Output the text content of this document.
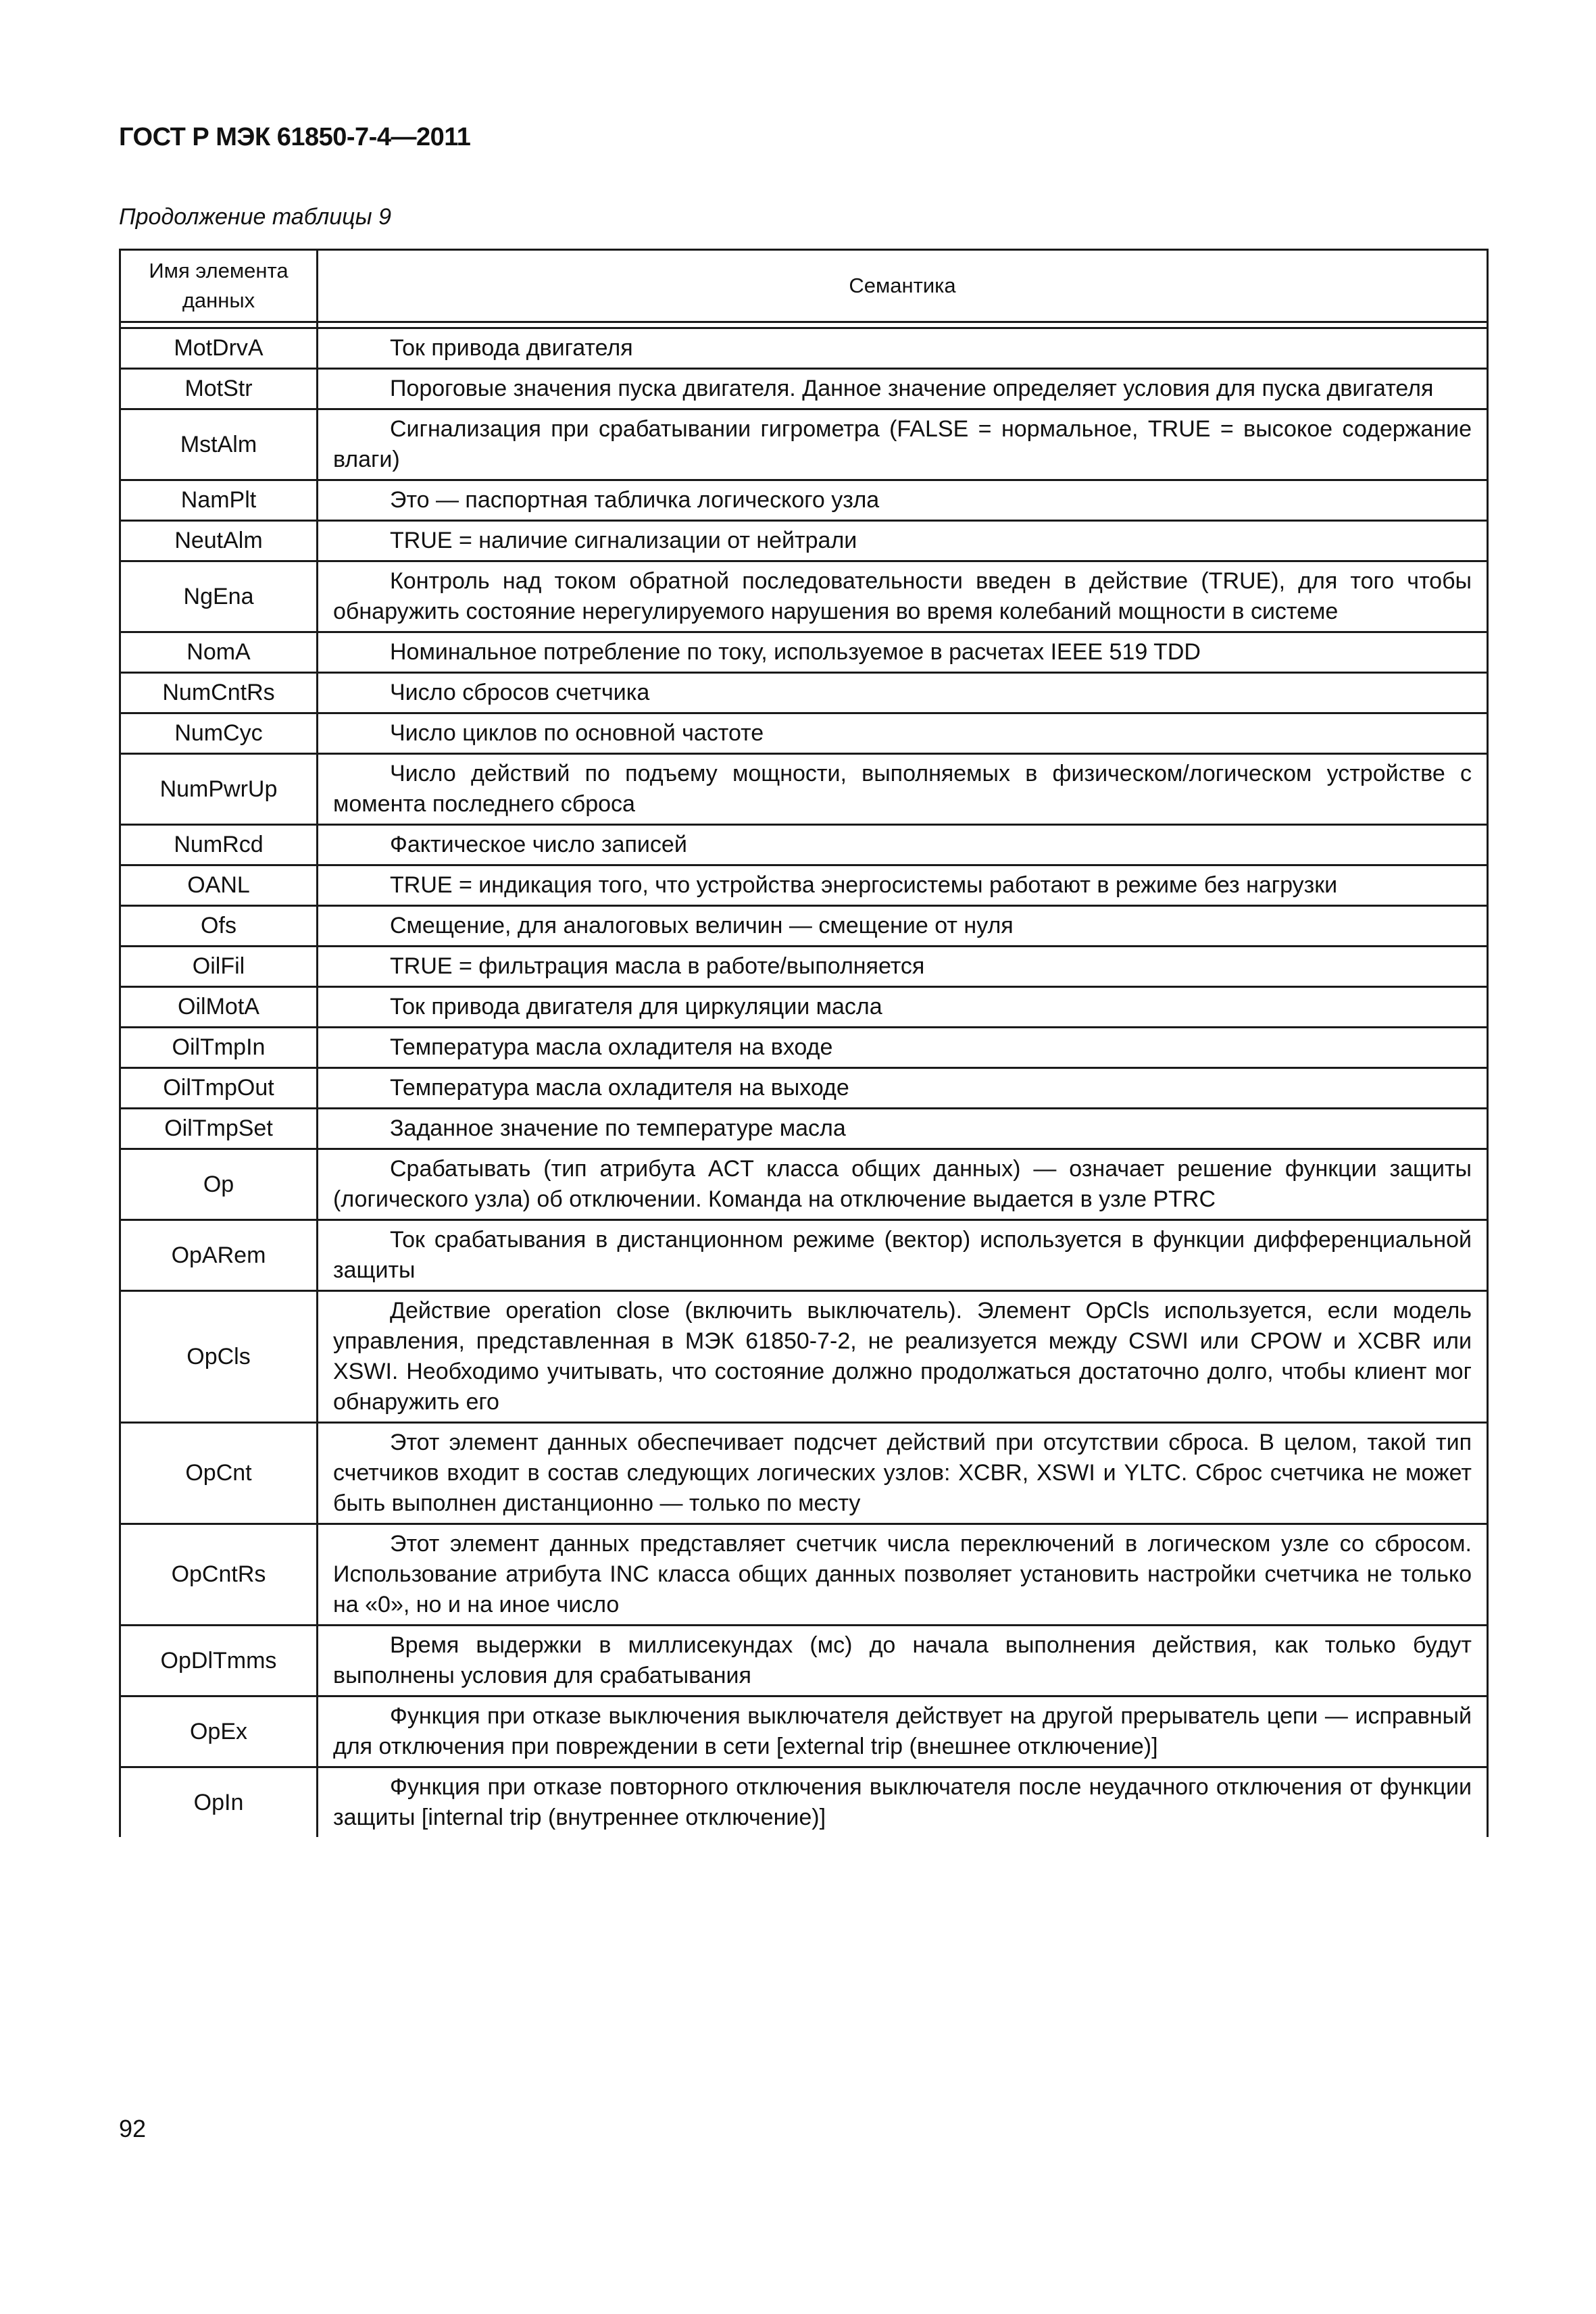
ГОСТ Р МЭК 61850-7-4—2011
Продолжение таблицы 9
Имя элемента данных	Семантика

MotDrvA	Ток привода двигателя

MotStr	Пороговые значения пуска двигателя. Данное значение определяет условия для пуска двигателя

MstAlm	Сигнализация при срабатывании гигрометра (FALSE = нормальное, TRUE = высокое содержание влаги)

NamPlt	Это — паспортная табличка логического узла

NeutAlm	TRUE = наличие сигнализации от нейтрали

NgEna	Контроль над током обратной последовательности введен в действие (TRUE), для того чтобы обнаружить состояние нерегулируемого нарушения во время колебаний мощности в системе

NomA	Номинальное потребление по току, используемое в расчетах IEEE 519 TDD

NumCntRs	Число сбросов счетчика

NumCyc	Число циклов по основной частоте

NumPwrUp	Число действий по подъему мощности, выполняемых в физическом/логическом устройстве с момента последнего сброса

NumRcd	Фактическое число записей

OANL	TRUE = индикация того, что устройства энергосистемы работают в режиме без нагрузки

Ofs	Смещение, для аналоговых величин — смещение от нуля

OilFil	TRUE = фильтрация масла в работе/выполняется

OilMotA	Ток привода двигателя для циркуляции масла

OilTmpIn	Температура масла охладителя на входе

OilTmpOut	Температура масла охладителя на выходе

OilTmpSet	Заданное значение по температуре масла

Op	Срабатывать (тип атрибута ACT класса общих данных) — означает решение функции защиты (логического узла) об отключении. Команда на отключение выдается в узле PTRC

OpARem	Ток срабатывания в дистанционном режиме (вектор) используется в функции дифференциальной защиты

OpCls	Действие operation close (включить выключатель). Элемент OpCls используется, если модель управления, представленная в МЭК 61850-7-2, не реализуется между CSWI или CPOW и XCBR или XSWI. Необходимо учитывать, что состояние должно продолжаться достаточно долго, чтобы клиент мог обнаружить его

OpCnt	Этот элемент данных обеспечивает подсчет действий при отсутствии сброса. В целом, такой тип счетчиков входит в состав следующих логических узлов: XCBR, XSWI и YLTC. Сброс счетчика не может быть выполнен дистанционно — только по месту

OpCntRs	Этот элемент данных представляет счетчик числа переключений в логическом узле со сбросом. Использование атрибута INC класса общих данных позволяет установить настройки счетчика не только на «0», но и на иное число

OpDlTmms	Время выдержки в миллисекундах (мс) до начала выполнения действия, как только будут выполнены условия для срабатывания

OpEx	Функция при отказе выключения выключателя действует на другой прерыватель цепи — исправный для отключения при повреждении в сети [external trip (внешнее отключение)]

OpIn	Функция при отказе повторного отключения выключателя после неудачного отключения от функции защиты [internal trip (внутреннее отключение)]
92
